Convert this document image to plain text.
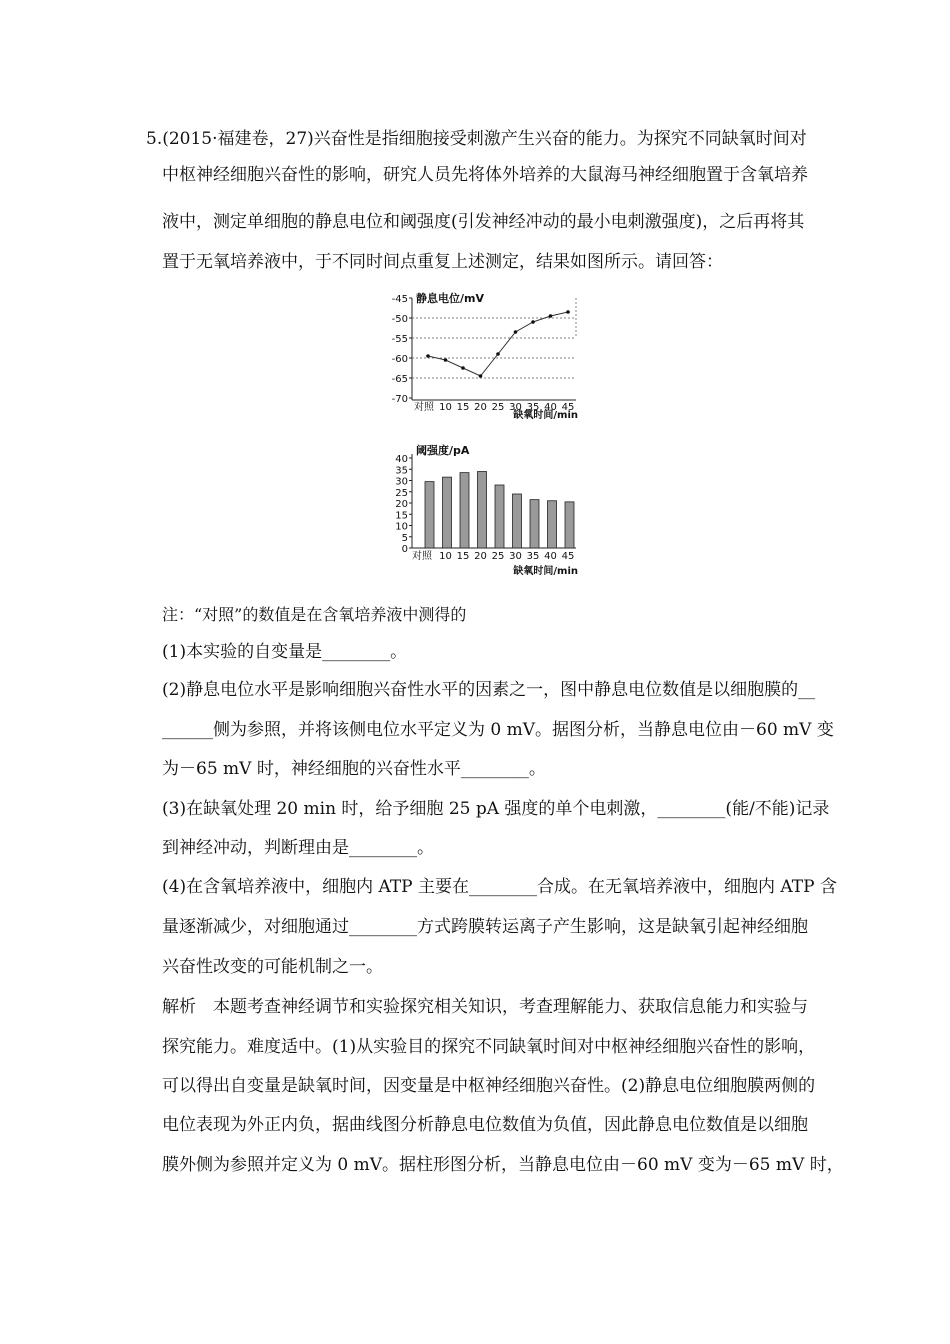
5.(2015·福建卷，27)兴奋性是指细胞接受刺激产生兴奋的能力。为探究不同缺氧时间对
中枢神经细胞兴奋性的影响，研究人员先将体外培养的大鼠海马神经细胞置于含氧培养
液中，测定单细胞的静息电位和阈强度(引发神经冲动的最小电刺激强度)，之后再将其
置于无氧培养液中，于不同时间点重复上述测定，结果如图所示。请回答：
-45
-50
-55
-60
-65
-70
对照 10 15 20 25 30 35 40 45
静息电位/mV
缺氧时间/min
40
35
30
25
20
15
10
5
0
对照 10 15 20 25 30 35 40 45
阈强度/pA
缺氧时间/min
注：“对照”的数值是在含氧培养液中测得的
(1)本实验的自变量是________。
(2)静息电位水平是影响细胞兴奋性水平的因素之一，图中静息电位数值是以细胞膜的__
______侧为参照，并将该侧电位水平定义为 0 mV。据图分析，当静息电位由－60 mV 变
为－65 mV 时，神经细胞的兴奋性水平________。
(3)在缺氧处理 20 min 时，给予细胞 25 pA 强度的单个电刺激，________(能/不能)记录
到神经冲动，判断理由是________。
(4)在含氧培养液中，细胞内 ATP 主要在________合成。在无氧培养液中，细胞内 ATP 含
量逐渐减少，对细胞通过________方式跨膜转运离子产生影响，这是缺氧引起神经细胞
兴奋性改变的可能机制之一。
解析　本题考查神经调节和实验探究相关知识，考查理解能力、获取信息能力和实验与
探究能力。难度适中。(1)从实验目的探究不同缺氧时间对中枢神经细胞兴奋性的影响，
可以得出自变量是缺氧时间，因变量是中枢神经细胞兴奋性。(2)静息电位细胞膜两侧的
电位表现为外正内负，据曲线图分析静息电位数值为负值，因此静息电位数值是以细胞
膜外侧为参照并定义为 0 mV。据柱形图分析，当静息电位由－60 mV 变为－65 mV 时，
